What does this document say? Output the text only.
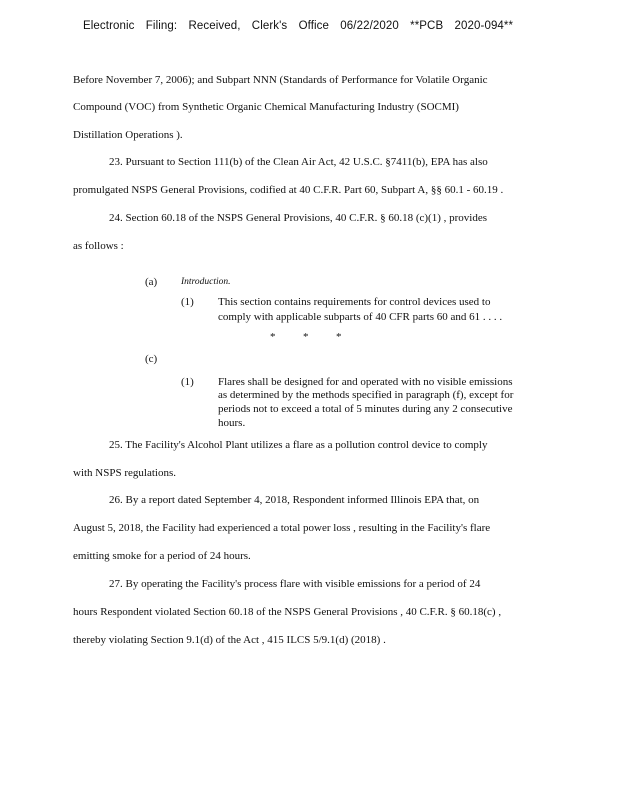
Electronic Filing: Received, Clerk's Office 06/22/2020 **PCB 2020-094**
Before November 7, 2006); and Subpart NNN (Standards of Performance for Volatile Organic
Compound (VOC) from Synthetic Organic Chemical Manufacturing Industry (SOCMI)
Distillation Operations ).
23. Pursuant to Section 111(b) of the Clean Air Act, 42 U.S.C. §7411(b), EPA has also
promulgated NSPS General Provisions, codified at 40 C.F.R. Part 60, Subpart A, §§ 60.1 - 60.19 .
24. Section 60.18 of the NSPS General Provisions, 40 C.F.R. § 60.18 (c)(1) , provides
as follows :
(a)	Introduction.
(1) This section contains requirements for control devices used to
comply with applicable subparts of 40 CFR parts 60 and 61 . . . .
*          *          *
(c)
(1) Flares shall be designed for and operated with no visible emissions
as determined by the methods specified in paragraph (f), except for
periods not to exceed a total of 5 minutes during any 2 consecutive
hours.
25. The Facility's Alcohol Plant utilizes a flare as a pollution control device to comply
with NSPS regulations.
26. By a report dated September 4, 2018, Respondent informed Illinois EPA that, on
August 5, 2018, the Facility had experienced a total power loss , resulting in the Facility's flare
emitting smoke for a period of 24 hours.
27. By operating the Facility's process flare with visible emissions for a period of 24
hours Respondent violated Section 60.18 of the NSPS General Provisions , 40 C.F.R. § 60.18(c) ,
thereby violating Section 9.1(d) of the Act , 415 ILCS 5/9.1(d) (2018) .
